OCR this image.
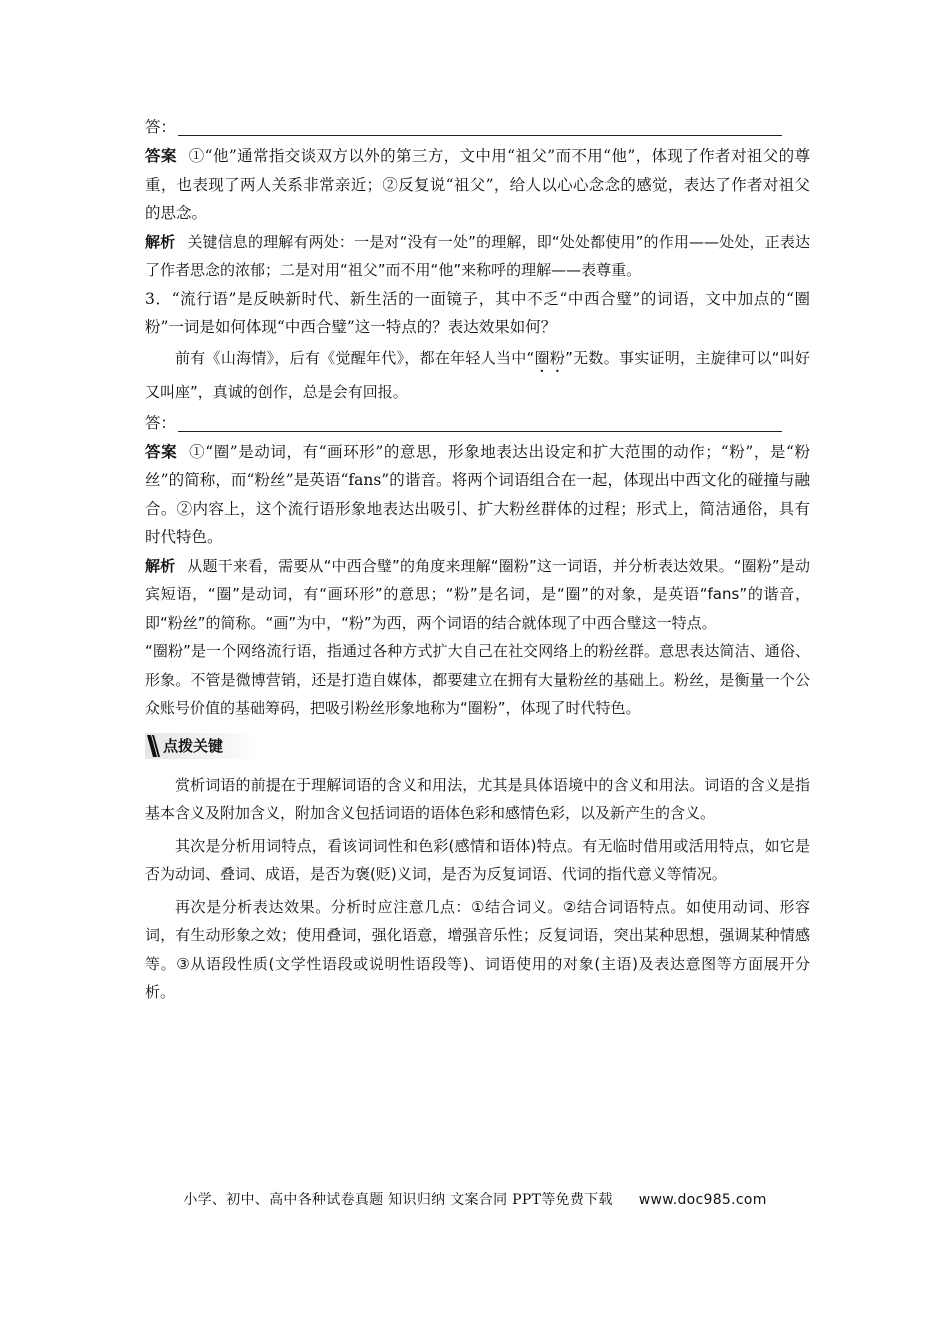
答：

答案 ①“他”通常指交谈双方以外的第三方，文中用“祖父”而不用“他”，体现了作者对祖父的尊重，也表现了两人关系非常亲近；②反复说“祖父”，给人以心心念念的感觉，表达了作者对祖父的思念。

解析 关键信息的理解有两处：一是对“没有一处”的理解，即“处处都使用”的作用——处处，正表达了作者思念的浓郁；二是对用“祖父”而不用“他”来称呼的理解——表尊重。

3．“流行语”是反映新时代、新生活的一面镜子，其中不乏“中西合璧”的词语，文中加点的“圈粉”一词是如何体现“中西合璧”这一特点的？表达效果如何？

前有《山海情》，后有《觉醒年代》，都在年轻人当中“圈粉”无数。事实证明，主旋律可以“叫好又叫座”，真诚的创作，总是会有回报。

答：

答案 ①“圈”是动词，有“画环形”的意思，形象地表达出设定和扩大范围的动作；“粉”，是“粉丝”的简称，而“粉丝”是英语“fans”的谐音。将两个词语组合在一起，体现出中西文化的碰撞与融合。②内容上，这个流行语形象地表达出吸引、扩大粉丝群体的过程；形式上，简洁通俗，具有时代特色。

解析 从题干来看，需要从“中西合璧”的角度来理解“圈粉”这一词语，并分析表达效果。“圈粉”是动宾短语，“圈”是动词，有“画环形”的意思；“粉”是名词，是“圈”的对象，是英语“fans”的谐音，即“粉丝”的简称。“画”为中，“粉”为西，两个词语的结合就体现了中西合璧这一特点。

“圈粉”是一个网络流行语，指通过各种方式扩大自己在社交网络上的粉丝群。意思表达简洁、通俗、形象。不管是微博营销，还是打造自媒体，都要建立在拥有大量粉丝的基础上。粉丝，是衡量一个公众账号价值的基础筹码，把吸引粉丝形象地称为“圈粉”，体现了时代特色。

点拨关键

赏析词语的前提在于理解词语的含义和用法，尤其是具体语境中的含义和用法。词语的含义是指基本含义及附加含义，附加含义包括词语的语体色彩和感情色彩，以及新产生的含义。

其次是分析用词特点，看该词词性和色彩(感情和语体)特点。有无临时借用或活用特点，如它是否为动词、叠词、成语，是否为褒(贬)义词，是否为反复词语、代词的指代意义等情况。

再次是分析表达效果。分析时应注意几点：①结合词义。②结合词语特点。如使用动词、形容词，有生动形象之效；使用叠词，强化语意，增强音乐性；反复词语，突出某种思想，强调某种情感等。③从语段性质(文学性语段或说明性语段等)、词语使用的对象(主语)及表达意图等方面展开分析。

小学、初中、高中各种试卷真题 知识归纳 文案合同 PPT等免费下载 www.doc985.com
